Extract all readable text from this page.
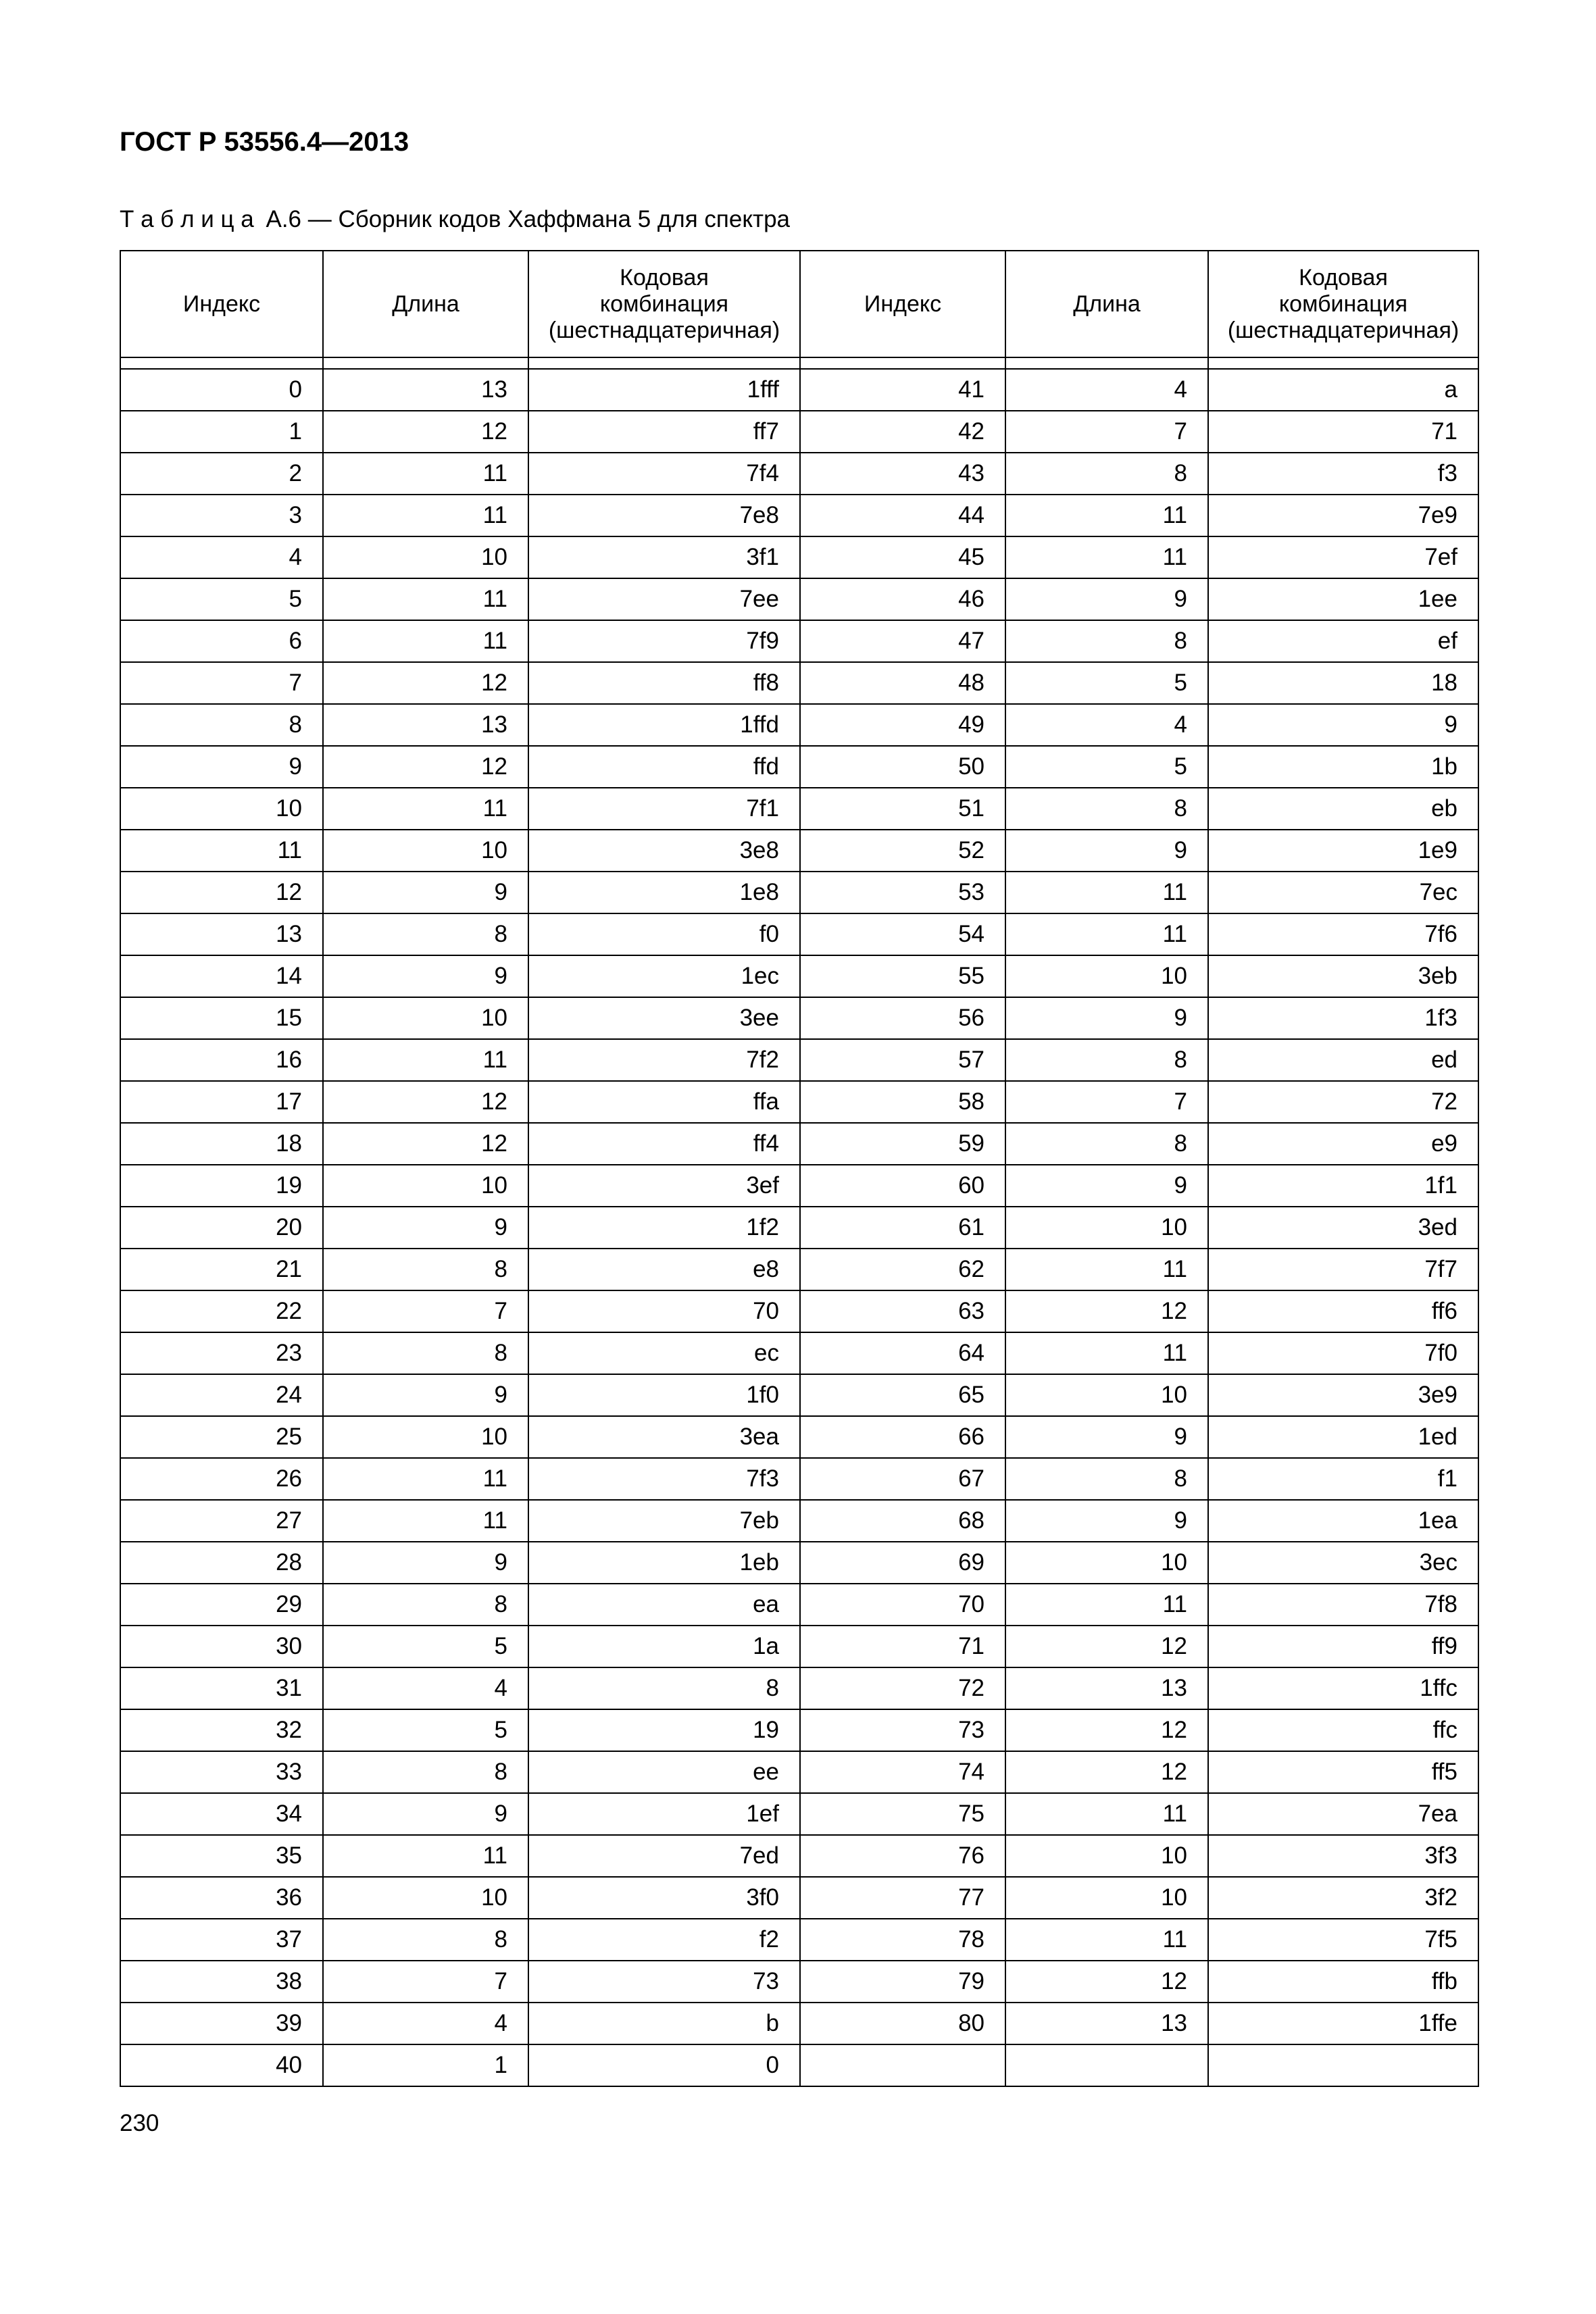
ГОСТ Р 53556.4—2013
Т а б л и ц а А.6 — Сборник кодов Хаффмана 5 для спектра
Индекс	Длина	Кодовая
комбинация
(шестнадцатеричная)	Индекс	Длина	Кодовая
комбинация
(шестнадцатеричная)

0	13	1fff	41	4	a
1	12	ff7	42	7	71
2	11	7f4	43	8	f3
3	11	7e8	44	11	7e9
4	10	3f1	45	11	7ef
5	11	7ee	46	9	1ee
6	11	7f9	47	8	ef
7	12	ff8	48	5	18
8	13	1ffd	49	4	9
9	12	ffd	50	5	1b
10	11	7f1	51	8	eb
11	10	3e8	52	9	1e9
12	9	1e8	53	11	7ec
13	8	f0	54	11	7f6
14	9	1ec	55	10	3eb
15	10	3ee	56	9	1f3
16	11	7f2	57	8	ed
17	12	ffa	58	7	72
18	12	ff4	59	8	e9
19	10	3ef	60	9	1f1
20	9	1f2	61	10	3ed
21	8	e8	62	11	7f7
22	7	70	63	12	ff6
23	8	ec	64	11	7f0
24	9	1f0	65	10	3e9
25	10	3ea	66	9	1ed
26	11	7f3	67	8	f1
27	11	7eb	68	9	1ea
28	9	1eb	69	10	3ec
29	8	ea	70	11	7f8
30	5	1a	71	12	ff9
31	4	8	72	13	1ffc
32	5	19	73	12	ffc
33	8	ee	74	12	ff5
34	9	1ef	75	11	7ea
35	11	7ed	76	10	3f3
36	10	3f0	77	10	3f2
37	8	f2	78	11	7f5
38	7	73	79	12	ffb
39	4	b	80	13	1ffe
40	1	0			
230
